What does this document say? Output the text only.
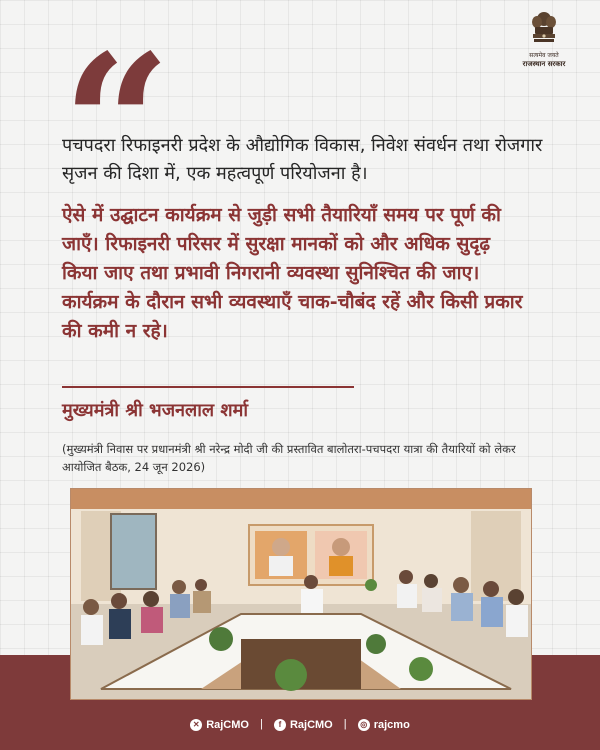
“	सत्यमेव जयते
राजस्थान सरकार
पचपदरा रिफाइनरी प्रदेश के औद्योगिक विकास, निवेश संवर्धन तथा रोजगार सृजन की दिशा में, एक महत्वपूर्ण परियोजना है।
ऐसे में उद्घाटन कार्यक्रम से जुड़ी सभी तैयारियाँ समय पर पूर्ण की जाएँ। रिफाइनरी परिसर में सुरक्षा मानकों को और अधिक सुदृढ़ किया जाए तथा प्रभावी निगरानी व्यवस्था सुनिश्चित की जाए। कार्यक्रम के दौरान सभी व्यवस्थाएँ चाक-चौबंद रहें और किसी प्रकार की कमी न रहे।
मुख्यमंत्री श्री भजनलाल शर्मा
(मुख्यमंत्री निवास पर प्रधानमंत्री श्री नरेन्द्र मोदी जी की प्रस्तावित बालोतरा-पचपदरा यात्रा की तैयारियों को लेकर आयोजित बैठक, 24 जून 2026)
✕ RajCMO |	f RajCMO |	◎ rajcmo
